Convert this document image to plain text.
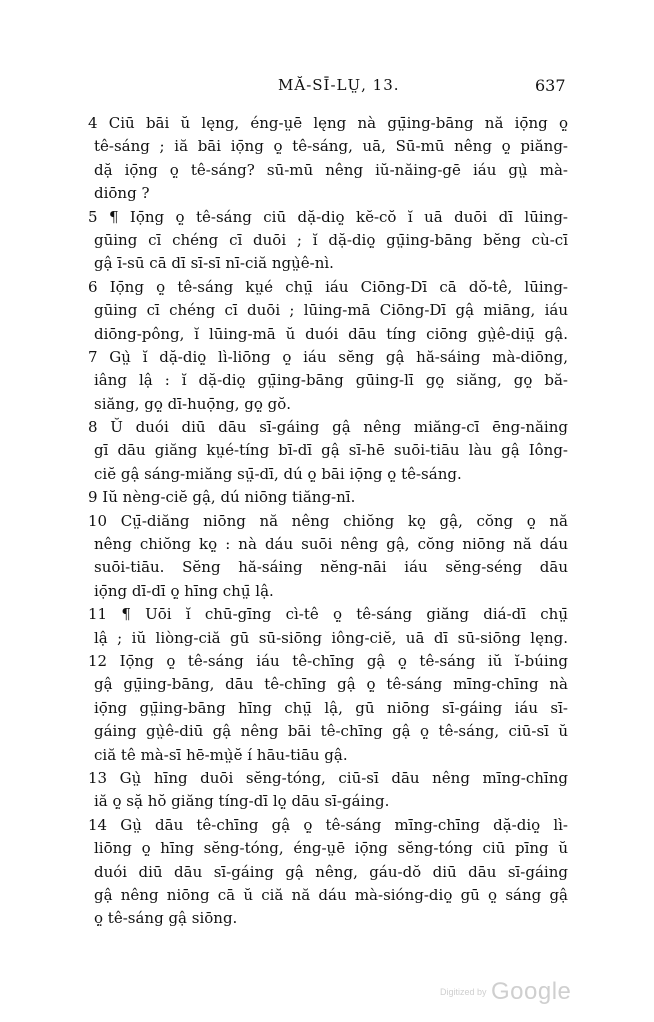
MĂ-SĪ-LṲ, 13.	637
4 Ciū bāi ŭ lęng, éng-ṳē lęng nà gṳ̄ing-bāng nă iọ̄ng ọ̤
tê-sáng ; iă bāi iọ̄ng ọ̤ tê-sáng, uā, Sū-mū nêng ọ̤ piăng-
dặ iọ̄ng ọ̤ tê-sáng? sū-mū nêng iŭ-năing-gē iáu gṳ̀ mà-
diōng ?
5 ¶ Iọ̄ng ọ̤ tê-sáng ciū dặ-diọ̤ kĕ-cŏ ĭ uā duōi dī lūing-
gūing cī chéng cī duōi ; ĭ dặ-diọ̤ gṳ̄ing-bāng bĕng cù-cī
gậ ī-sū cā dī sī-sī nī-ciă ngṳ̀ê-nì.
6 Iọ̄ng ọ̤ tê-sáng kṳé chṳ̄ iáu Ciōng-Dī cā dŏ-tê, lūing-
gūing cī chéng cī duōi ; lūing-mā Ciōng-Dī gậ miāng, iáu
diōng-pông, ĭ lūing-mā ŭ duói dāu tíng ciōng gṳ̀ê-diṳ̄ gậ.
7 Gṳ̀ ĭ dặ-diọ̤ lì-liōng ọ̤ iáu sĕng gậ hă-sáing mà-diōng,
iâng lậ : ĭ dặ-diọ̤ gṳ̄ing-bāng gūing-lī gọ̤ siăng, gọ̤ bă-
siăng, gọ̤ dī-huọ̄ng, gọ̤ gŏ.
8 Ŭ duói diū dāu sī-gáing gậ nêng miăng-cī ēng-năing
gī dāu giăng kṳé-tíng bī-dī gậ sī-hē suōi-tiāu làu gậ Iông-
ciĕ gậ sáng-miăng sṳ̄-dī, dú ọ̤ bāi iọ̄ng ọ̤ tê-sáng.
9 Iŭ nèng-ciĕ gậ, dú niōng tiăng-nī.
10 Cṳ̄-diăng niōng nă nêng chiŏng kọ̤ gậ, cŏng ọ̤ nă
nêng chiŏng kọ̤ : nà dáu suōi nêng gậ, cŏng niōng nă dáu
suōi-tiāu. Sĕng hă-sáing nĕng-nāi iáu sĕng-séng dāu
iọ̄ng dī-dī ọ̤ hīng chṳ̄ lậ.
11 ¶ Uōi ĭ chū-gīng cì-tê ọ̤ tê-sáng giăng diá-dī chṳ̄
lậ ; iŭ liòng-ciă gū sū-siōng iông-ciĕ, uā dī sū-siōng lęng.
12 Iọ̄ng ọ̤ tê-sáng iáu tê-chīng gậ ọ̤ tê-sáng iŭ ĭ-búing
gậ gṳ̄ing-bāng, dāu tê-chīng gậ ọ̤ tê-sáng mīng-chīng nà
iọ̄ng gṳ̄ing-bāng hīng chṳ̄ lậ, gū niōng sī-gáing iáu sī-
gáing gṳ̀ê-diū gậ nêng bāi tê-chīng gậ ọ̤ tê-sáng, ciū-sī ŭ
ciă tê mà-sī hē-mṳ̀ĕ í hāu-tiāu gậ.
13 Gṳ̀ hīng duōi sĕng-tóng, ciū-sī dāu nêng mīng-chīng
iă ọ̤ sặ hŏ giăng tíng-dī lọ̤ dāu sī-gáing.
14 Gṳ̀ dāu tê-chīng gậ ọ̤ tê-sáng mīng-chīng dặ-diọ̤ lì-
liōng ọ̤ hīng sĕng-tóng, éng-ṳē iọ̄ng sĕng-tóng ciū pīng ŭ
duói diū dāu sī-gáing gậ nêng, gáu-dŏ diū dāu sī-gáing
gậ nêng niōng cā ŭ ciă nă dáu mà-sióng-diọ̤ gū ọ̤ sáng gậ
ọ̤ tê-sáng gậ siōng.
Digitized by Google
